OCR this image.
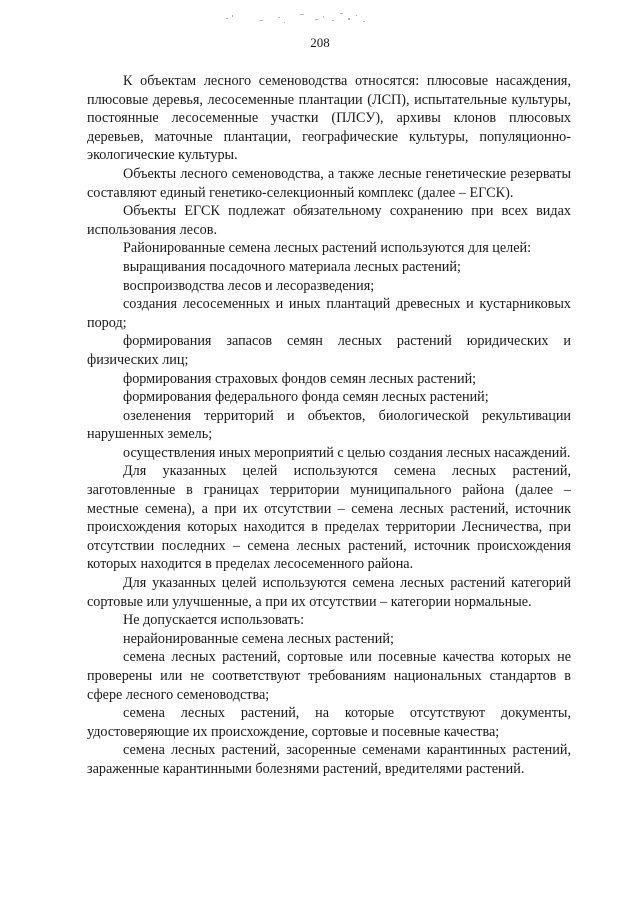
208

К объектам лесного семеноводства относятся: плюсовые насаждения, плюсовые деревья, лесосеменные плантации (ЛСП), испытательные культуры, постоянные лесосеменные участки (ПЛСУ), архивы клонов плюсовых деревьев, маточные плантации, географические культуры, популяционно-экологические культуры.

Объекты лесного семеноводства, а также лесные генетические резерваты составляют единый генетико-селекционный комплекс (далее – ЕГСК).

Объекты ЕГСК подлежат обязательному сохранению при всех видах использования лесов.

Районированные семена лесных растений используются для целей:

выращивания посадочного материала лесных растений;

воспроизводства лесов и лесоразведения;

создания лесосеменных и иных плантаций древесных и кустарниковых пород;

формирования запасов семян лесных растений юридических и физических лиц;

формирования страховых фондов семян лесных растений;

формирования федерального фонда семян лесных растений;

озеленения территорий и объектов, биологической рекультивации нарушенных земель;

осуществления иных мероприятий с целью создания лесных насаждений.

Для указанных целей используются семена лесных растений, заготовленные в границах территории муниципального района (далее – местные семена), а при их отсутствии – семена лесных растений, источник происхождения которых находится в пределах территории Лесничества, при отсутствии последних – семена лесных растений, источник происхождения которых находится в пределах лесосеменного района.

Для указанных целей используются семена лесных растений категорий сортовые или улучшенные, а при их отсутствии – категории нормальные.

Не допускается использовать:

нерайонированные семена лесных растений;

семена лесных растений, сортовые или посевные качества которых не проверены или не соответствуют требованиям национальных стандартов в сфере лесного семеноводства;

семена лесных растений, на которые отсутствуют документы, удостоверяющие их происхождение, сортовые и посевные качества;

семена лесных растений, засоренные семенами карантинных растений, зараженные карантинными болезнями растений, вредителями растений.
